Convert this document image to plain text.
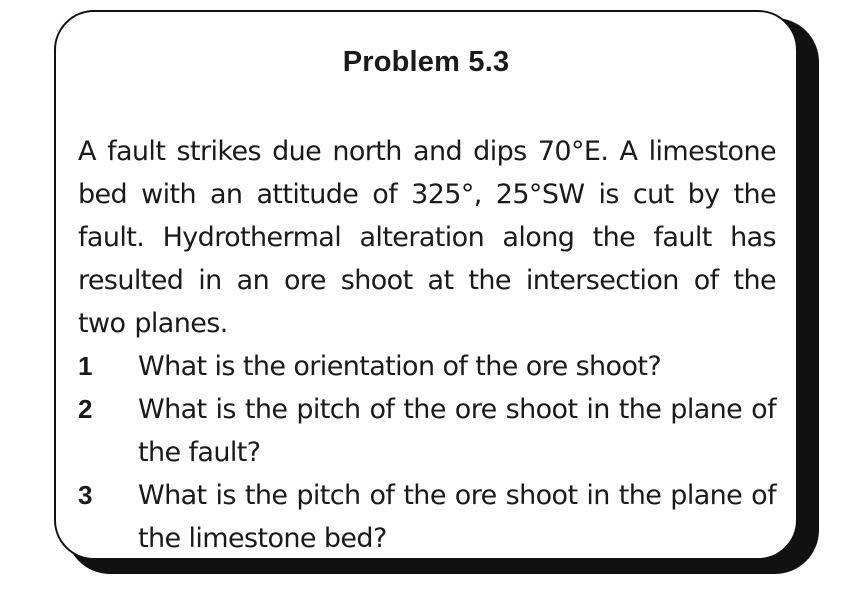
Problem 5.3

A fault strikes due north and dips 70°E. A limestone bed with an attitude of 325°, 25°SW is cut by the fault. Hydrothermal alteration along the fault has resulted in an ore shoot at the intersection of the two planes.

1	What is the orientation of the ore shoot?
2	What is the pitch of the ore shoot in the plane of the fault?
3	What is the pitch of the ore shoot in the plane of the limestone bed?
